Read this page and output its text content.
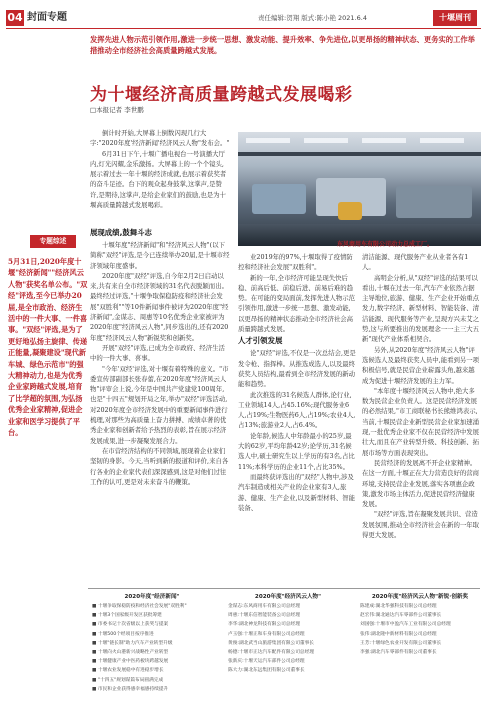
04 封面专题	责任编辑:贺翔 版式:陈小艳 2021.6.4	十堰周刊
发挥先进人物示范引领作用,激进一步统一思想、激发动能、提升效率、争先进位,以更昂扬的精神状态、更务实的工作举措推动全市经济社会高质量跨越式发展。
为十堰经济高质量跨越式发展喝彩
□本报记者 李世鹏
倒计时开始,大屏幕上倒数闪现几行大字:"2020年度'经济新闻'经济风云人物"发布会。"
6月31日下午,十堰广播电视台一号演播大厅内,灯光闪耀,金乐激扬。大屏幕上的一个个镜头,展示着过去一年十堰的经济成就,也展示着获奖者的奋斗足迹。台下的观众起身鼓掌,这掌声,是赞许,是期待,这掌声,是给企业家们的鼓励,也是为十堰高质量跨越式发展喝彩。
展现成绩,鼓舞斗志
十堰年度"经济新闻"和"经济风云人物"(以下简称"双经"评选,是今已连续举办20届,是十堰市经济领域年度盛事。
2020年度"双经"评选,自今年2月2日启动以来,共有来自全市经济领域的31名代表脱颖而出。最终经过评选,"十堰争取保稳防疫和经济社会发展"双胜利""等10件新闻事件被评为2020年度"经济新闻",金谋志、周惠等10名优秀企业家被评为2020年度"经济风云人物",同步选出的,还有2020年度"经济风云人物"新锐奖和创新奖。
开展"双经"评选,已成为全市政府、经济生活中的一件大事、喜事。
"今年'双经'评选,对十堰有着特殊的意义。"市委宣传部副部长张春蕾,在2020年度"经济风云人物"评审会上说,今年是中国共产党建党100周年,也是"十四五"规划开局之年,举办"双经"评选活动,对2020年度全市经济发展中的重要新闻事件进行梳理,对那些为高质量上奋力拼搏、成绩卓著的优秀企业家和创新者给予热烈的表彰,旨在展示经济发展成果,进一步凝聚发展合力。
在市营经济结构的不同领域,展现着企业家们坚韧的身影。今天,当听到新的报道和评价,来自各行各业的企业家代表们深深感到,这是对他们过往工作的认可,更是对未来奋斗的鞭策。
东风商用车有限公司动力总成工厂。
业2019年的97%,十堰取得了疫情防控和经济社会发展"双胜利"。
新的一年,全市经济可能呈现失快后稳、前高后低、前稳后进、前易后难的趋势。在可能的变局面前,发挥先进人物示范引领作用,激进一步统一思想、激发动能,以更昂扬的精神状态推动全市经济社会高质量跨越式发展。
人才引领发展
论"双经"评选,不仅是一次总结会,更是发令枪、指挥棒。从推选成选人,以及最终获奖人员结构,最看到全市经济发展的新动能和趋势。
此次推选的31名候选人群体,论行业,工业领域14人,占45.16%;现代服务业6人,占19%;生物医药6人,占19%;农业4人,占13%;旅游业2人,占6.4%。
论年龄,候选人中年龄最小的25岁,最大的62岁,平均年龄42岁;论学历,31名候选人中,硕士研究生以上学历的有3名,占比11%;本科学历的企业11个,占比35%。
而最终获评选出的"双经"人物中,涉及汽车制造或相关产业的企业家有3人,旅游、健康、生产企业,以及新型材料、智能装备、
清洁能源、现代服务产业从业者各有1人。
高明企分析,从"双经"评选的结果可以看出,十堰在过去一年,汽车产业依然占据主导地位,旅游、健康、生产企业开始重点发力,数字经济、新型材料、智能装备、清洁能源、现代服务等产业,呈现方兴未艾之势,这与所要推出的发展理念一一主三大五新"现代产业体系相契合。
另外,从2020年度"经济风云人物"评选候选人及最终获奖人员中,能看到另一项积极信号,就是民营企业崭露头角,越来越成为促进十堰经济发展的主力军。
"本年度十堰经济风云人物中,绝大多数为民营企业负责人。这是民营经济发展的必然结果,"市工商联秘书长熊维鸿表示,当前,十堰民营企业新型民营企业家加速涌现,一批优秀企业家不仅在民营经济中发展壮大,而且在产业转型升级、科技创新、拓展市场等方面表现突出。
民营经济的发展离不开企业家精神。在这一方面,十堰正在大力营造良好的营商环境,支持民营企业发展,落实各项惠企政策,激发市场主体活力,促进民营经济健康发展。
"双经"评选,旨在凝聚发展共识、营造发展氛围,推动全市经济社会在新的一年取得更大发展。
专题综述
5月31日,2020年度十堰"经济新闻""经济风云人物"获奖名单公布。"双经"评选,至今已举办20届,是全市政治、经济生活中的一件大事、一件喜事。"双经"评选,是为了更好地弘扬主旋律、传递正能量,凝聚建设"现代新车城、绿色示范市"的强大精神动力,也是为优秀企业家跨越式发展,培育了比学超的氛围,为弘扬优秀企业家精神,促进企业家和医学习提供了平台。
2020年度"经济新闻"
■ 十堰争取保稳防疫和经济社会发展"双胜利"
■ 十堰3个国家级开发区获批筹建
■ 市委书记十次省级以上获奖与提案
■ 十堰500个经项目按序推进
■ 十堰"链长制"助力汽车产业转型升级
■ 十堰向火山港新兴战略性产业转型
■ 十堰健康产业中医药板块跨越发展
■ 十堰农业发展稳中有进稳步增长
■ "十四五"规划谋篇布局圆满完成
■ 市民和企业获得感幸福感持续提升
2020年度"经济风云人物"
金谋志:东风商用车有限公司总经理
周惠:十堰东信智能装备公司总经理
李华:湖北神龙科技有限公司总经理
卢玉强:十堰正和车身有限公司总经理
黄俊:湖北武当山旅游集团有限公司董事长
杨德:十堰市正达汽车配件有限公司总经理
张新庆:十堰天运汽车部件公司总经理
陈大力:湖北东远集团有限公司董事长
2020年度"经济风云人物"新锐·创新奖
陈建成:湖北华强科技有限公司总经理
赵宏伟:湖北通达汽车零部件公司董事长
刘国强:十堰市中盈汽车工业有限公司总经理
张伟:湖北隆中新材料有限公司总经理
王芳:十堰绿色农业开发有限公司董事长
李强:湖北汽车零部件有限公司董事长
